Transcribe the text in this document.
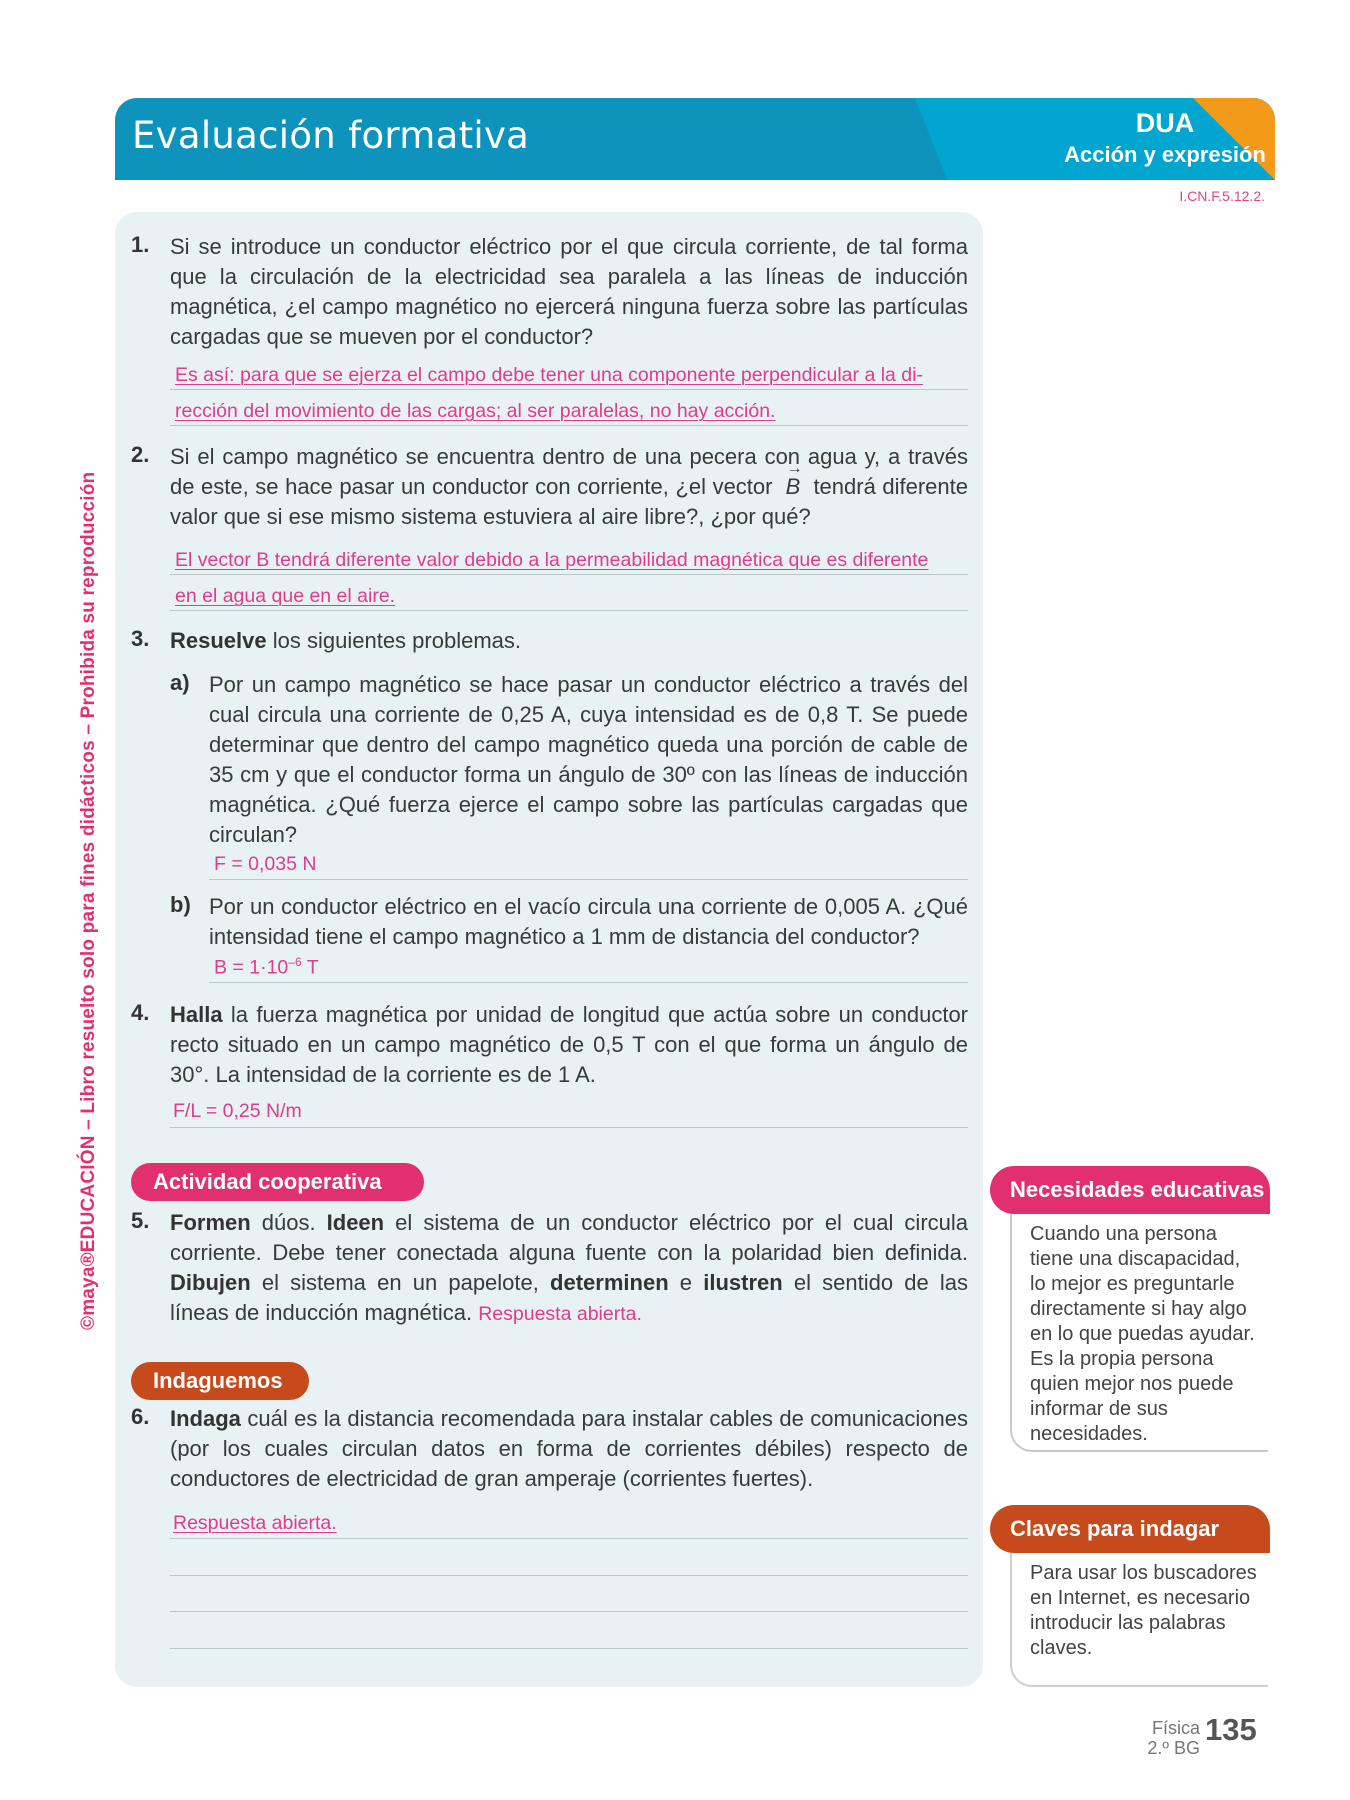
Evaluación formativa	DUA
Acción y expresión
I.CN.F.5.12.2.
©maya®EDUCACIÓN – Libro resuelto solo para fines didácticos – Prohibida su reproducción
1. Si se introduce un conductor eléctrico por el que circula corriente, de tal forma que la circulación de la electricidad sea paralela a las líneas de inducción magnética, ¿el campo magnético no ejercerá ninguna fuerza sobre las partículas cargadas que se mueven por el conductor?
Es así: para que se ejerza el campo debe tener una componente perpendicular a la di-
rección del movimiento de las cargas; al ser paralelas, no hay acción.
2. Si el campo magnético se encuentra dentro de una pecera con agua y, a través de este, se hace pasar un conductor con corriente, ¿el vector  → B tendrá diferente valor que si ese mismo sistema estuviera al aire libre?, ¿por qué?
El vector B tendrá diferente valor debido a la permeabilidad magnética que es diferente
en el agua que en el aire.
3. Resuelve los siguientes problemas.
a) Por un campo magnético se hace pasar un conductor eléctrico a través del cual circula una corriente de 0,25 A, cuya intensidad es de 0,8 T. Se puede determinar que dentro del campo magnético queda una porción de cable de 35 cm y que el conductor forma un ángulo de 30º con las líneas de inducción magnética. ¿Qué fuerza ejerce el campo sobre las partículas cargadas que circulan?
F = 0,035 N
b) Por un conductor eléctrico en el vacío circula una corriente de 0,005 A. ¿Qué intensidad tiene el campo magnético a 1 mm de distancia del conductor?
$B = 1\cdot 10^{-6}$ T
4. Halla la fuerza magnética por unidad de longitud que actúa sobre un conductor recto situado en un campo magnético de 0,5 T con el que forma un ángulo de 30°. La intensidad de la corriente es de 1 A.
F/L = 0,25 N/m
Actividad cooperativa
5. Formen dúos. Ideen el sistema de un conductor eléctrico por el cual circula corriente. Debe tener conectada alguna fuente con la polaridad bien definida. Dibujen el sistema en un papelote, determinen e ilustren el sentido de las líneas de inducción magnética. Respuesta abierta.
Indaguemos
6. Indaga cuál es la distancia recomendada para instalar cables de comunicaciones (por los cuales circulan datos en forma de corrientes débiles) respecto de conductores de electricidad de gran amperaje (corrientes fuertes).
Respuesta abierta.
Necesidades educativas
Cuando una persona tiene una discapacidad, lo mejor es preguntarle directamente si hay algo en lo que puedas ayudar. Es la propia persona quien mejor nos puede informar de sus necesidades.
Claves para indagar
Para usar los buscadores en Internet, es necesario introducir las palabras claves.
Física
2.º BG
135
